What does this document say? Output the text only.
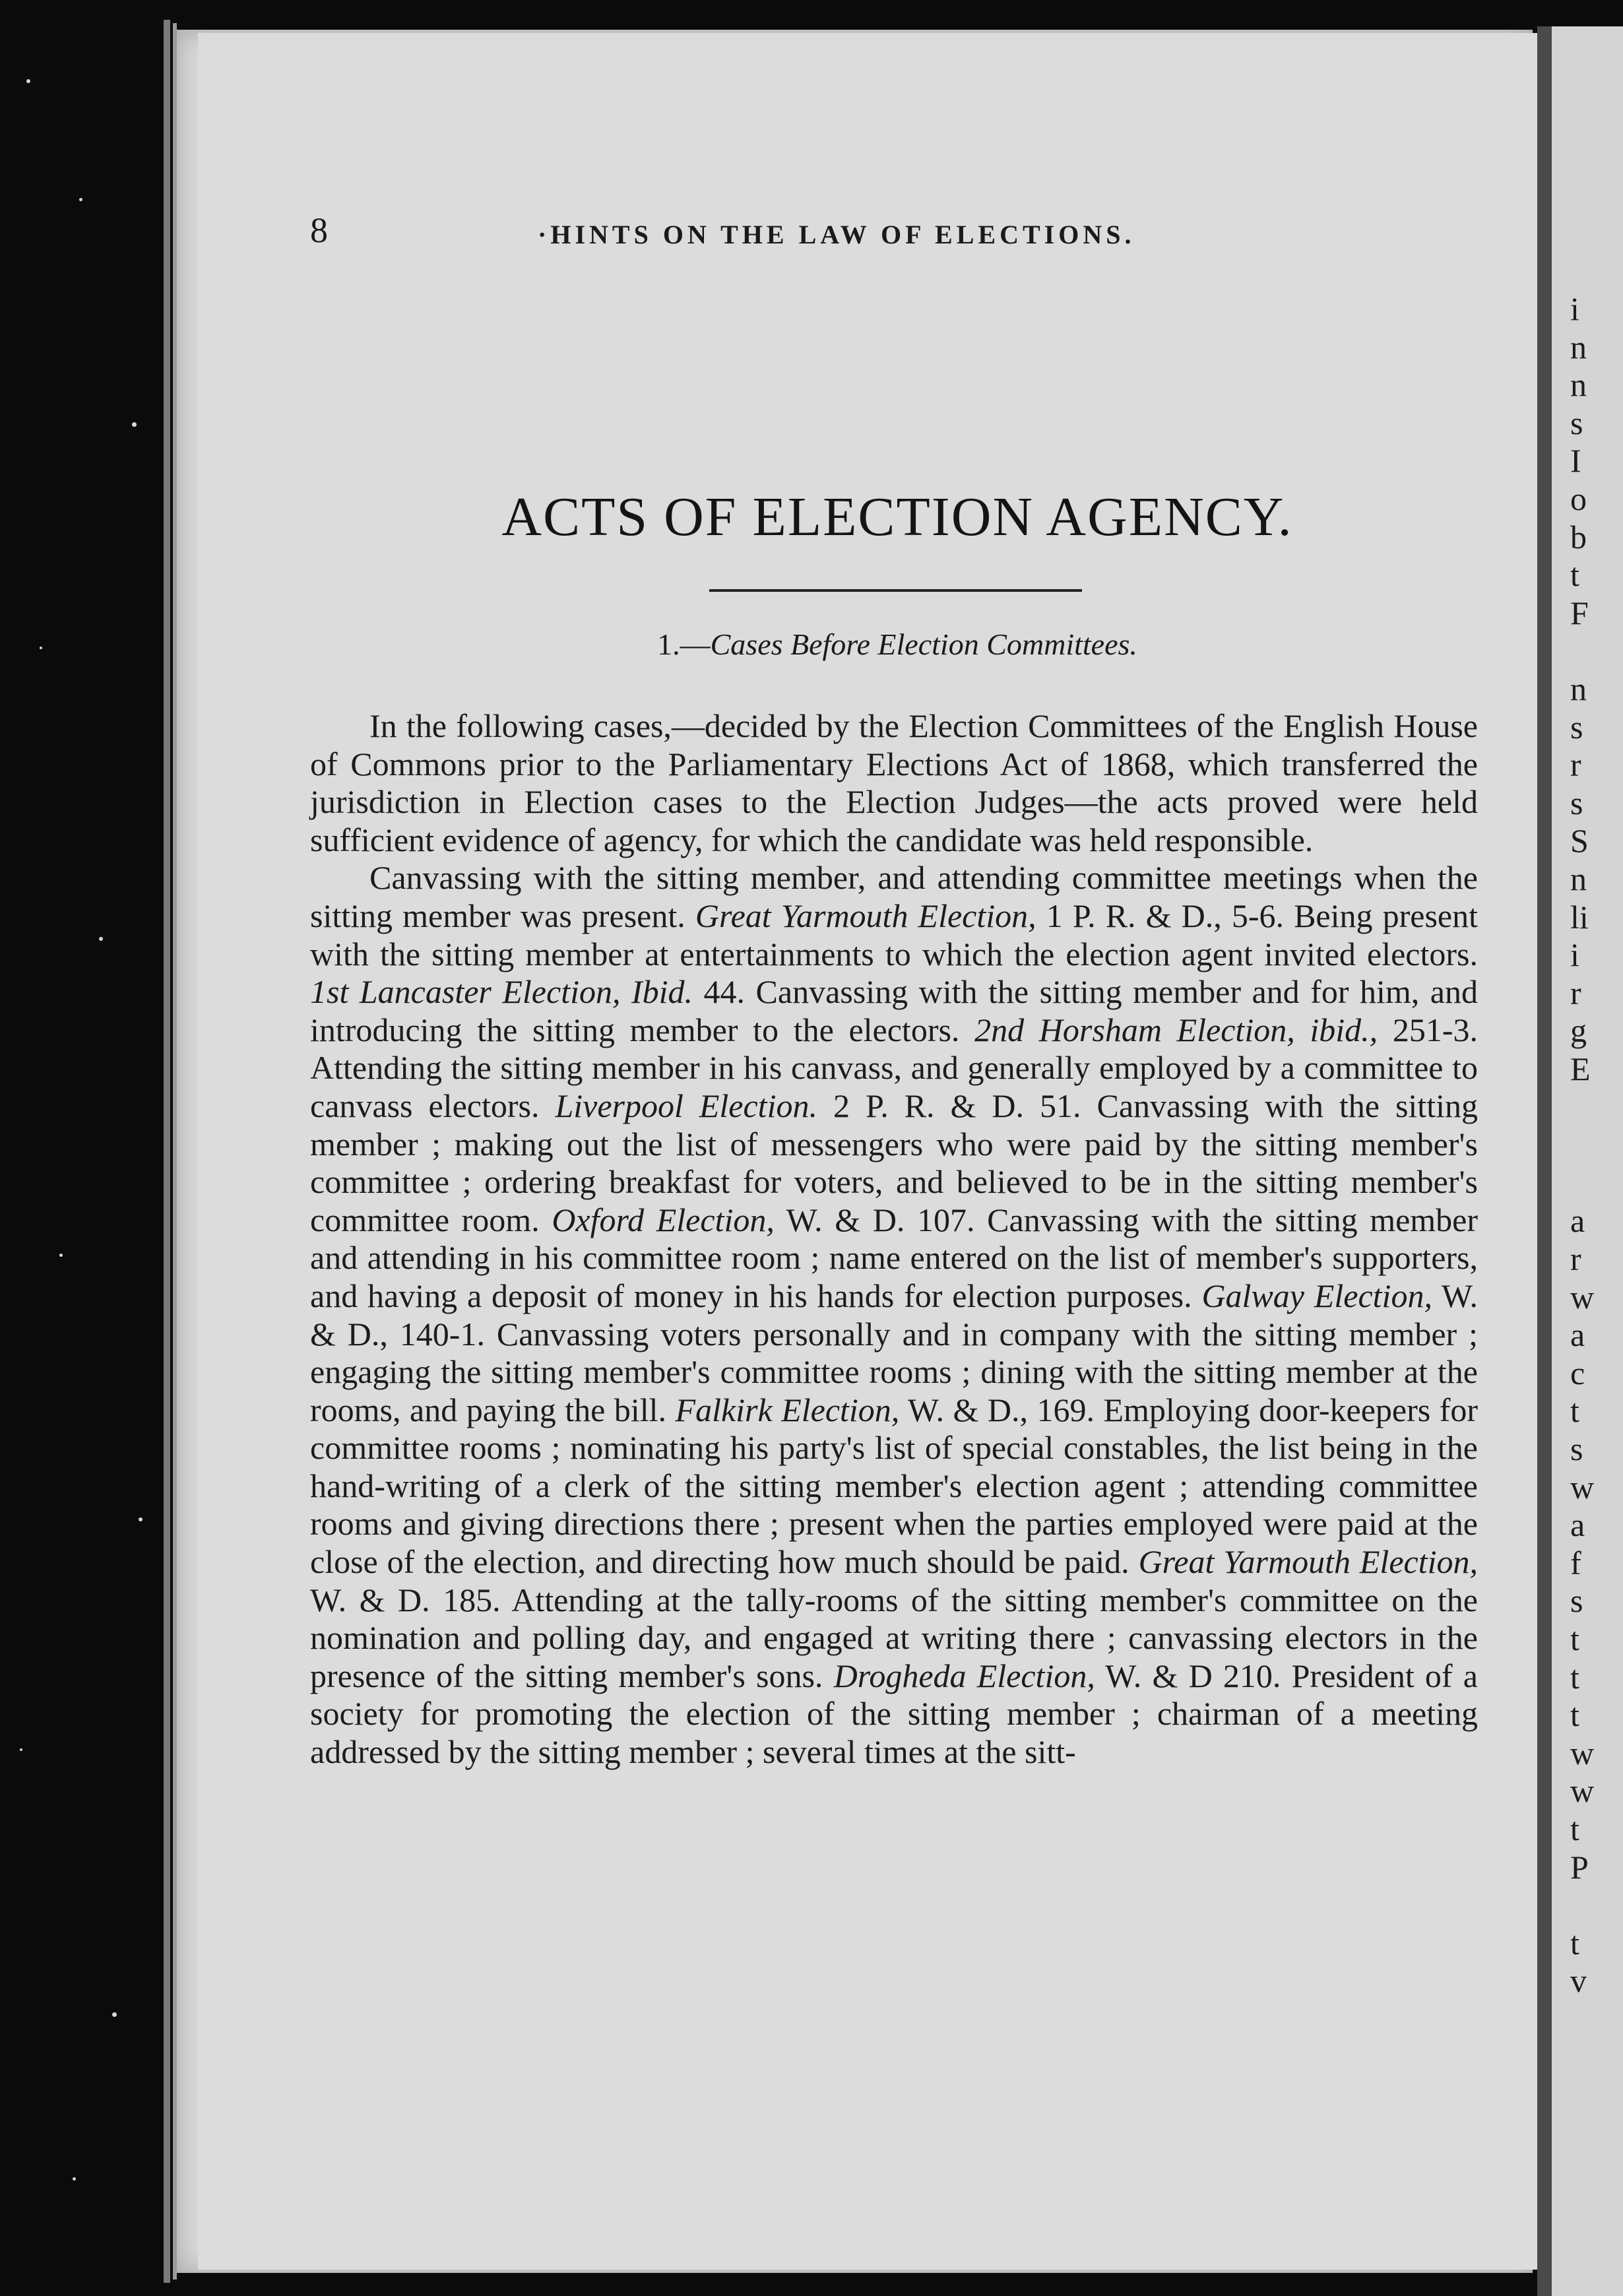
8	·HINTS ON THE LAW OF ELECTIONS.
ACTS OF ELECTION AGENCY.
1.—Cases Before Election Committees.

In the following cases,—decided by the Election Committees of the English House of Commons prior to the Parliamentary Elections Act of 1868, which transferred the jurisdiction in Election cases to the Election Judges—the acts proved were held sufficient evidence of agency, for which the candidate was held responsible.

Canvassing with the sitting member, and attending committee meetings when the sitting member was present. Great Yarmouth Election, 1 P. R. & D., 5-6. Being present with the sitting member at entertainments to which the election agent invited electors. 1st Lancaster Election, Ibid. 44. Canvassing with the sitting member and for him, and introducing the sitting member to the electors. 2nd Horsham Election, ibid., 251-3. Attending the sitting member in his canvass, and generally employed by a committee to canvass electors. Liverpool Election. 2 P. R. & D. 51. Canvassing with the sitting member ; making out the list of messengers who were paid by the sitting member's committee ; ordering breakfast for voters, and believed to be in the sitting member's committee room. Oxford Election, W. & D. 107. Canvassing with the sitting member and attending in his committee room ; name entered on the list of member's supporters, and having a deposit of money in his hands for election purposes. Galway Election, W. & D., 140-1. Canvassing voters personally and in company with the sitting member ; engaging the sitting member's committee rooms ; dining with the sitting member at the rooms, and paying the bill. Falkirk Election, W. & D., 169. Employing door-keepers for committee rooms ; nominating his party's list of special constables, the list being in the hand-writing of a clerk of the sitting member's election agent ; attending committee rooms and giving directions there ; present when the parties employed were paid at the close of the election, and directing how much should be paid. Great Yarmouth Election, W. & D. 185. Attending at the tally-rooms of the sitting member's committee on the nomination and polling day, and engaged at writing there ; canvassing electors in the presence of the sitting member's sons. Drogheda Election, W. & D 210. President of a society for promoting the election of the sitting member ; chairman of a meeting addressed by the sitting member ; several times at the sitt-

i
n
n
s
I
o
b
t
F
n
s
r
s
S
n
li
i
r
g
E
a
r
w
a
c
t
s
w
a
f
s
t
t
t
w
w
t
P
t
v
